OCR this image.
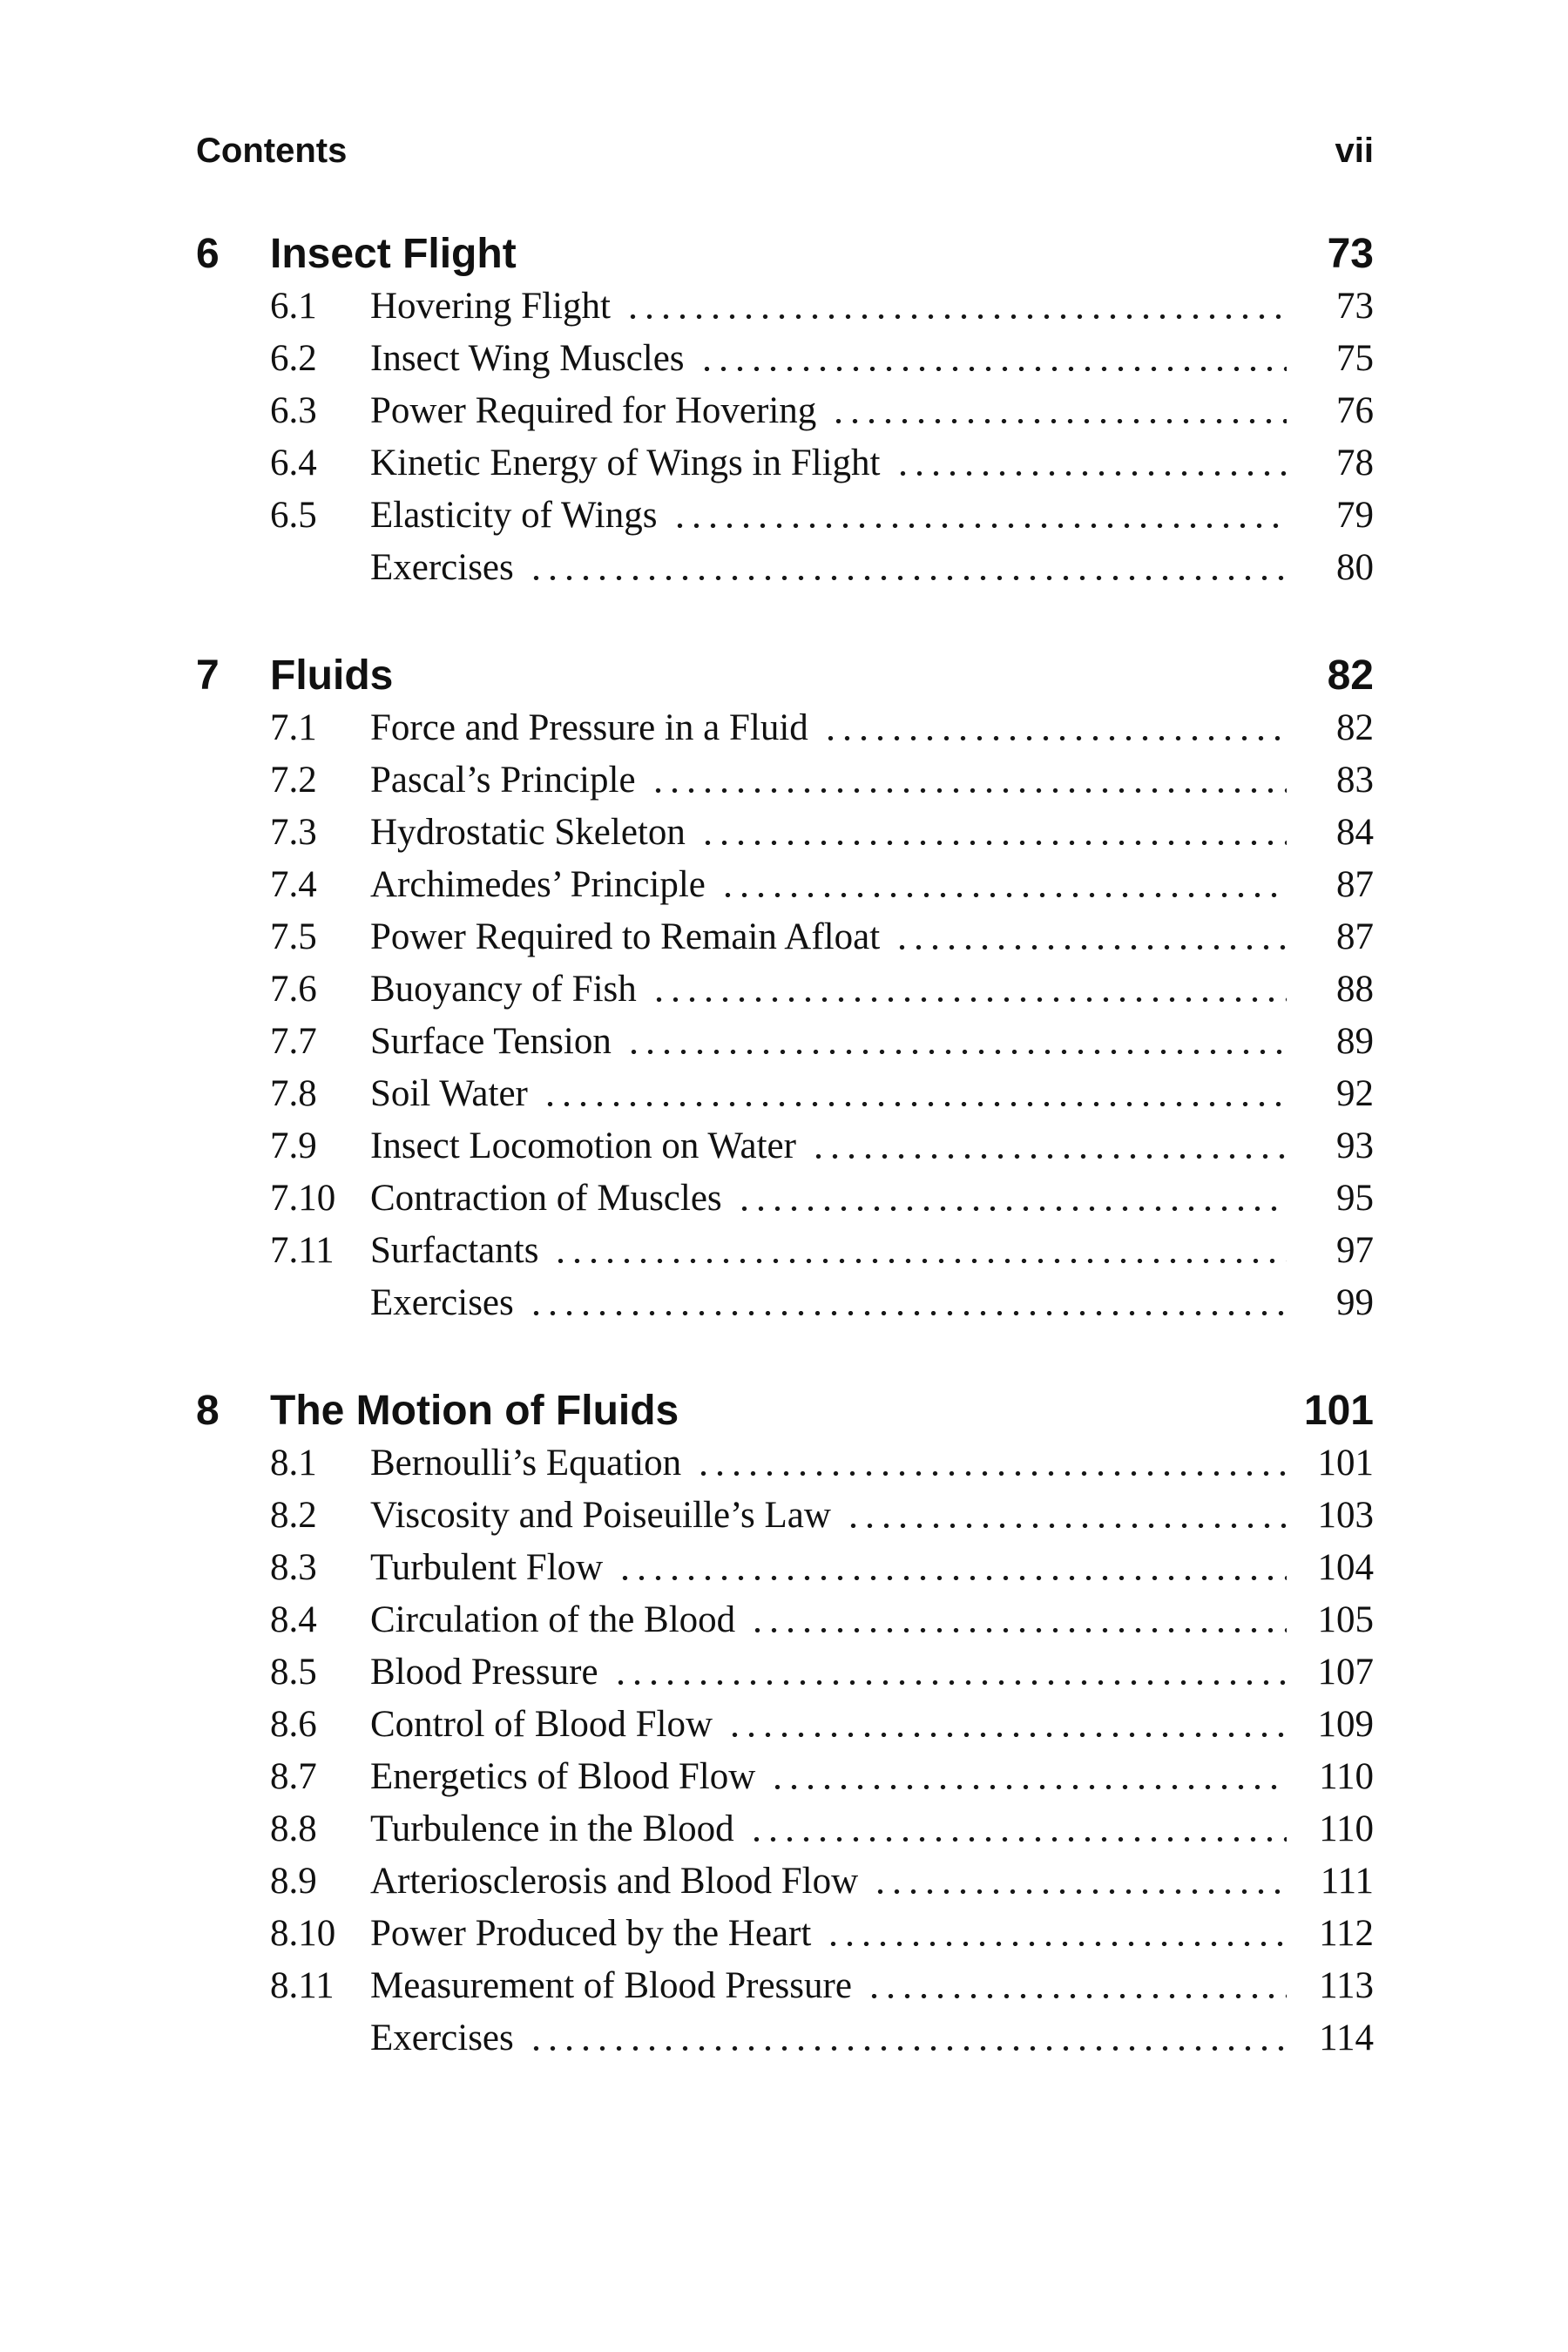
Contents	vii
6	Insect Flight	73
6.1	Hovering Flight	73
6.2	Insect Wing Muscles	75
6.3	Power Required for Hovering	76
6.4	Kinetic Energy of Wings in Flight	78
6.5	Elasticity of Wings	79
Exercises	80
7	Fluids	82
7.1	Force and Pressure in a Fluid	82
7.2	Pascal’s Principle	83
7.3	Hydrostatic Skeleton	84
7.4	Archimedes’ Principle	87
7.5	Power Required to Remain Afloat	87
7.6	Buoyancy of Fish	88
7.7	Surface Tension	89
7.8	Soil Water	92
7.9	Insect Locomotion on Water	93
7.10 Contraction of Muscles	95
7.11 Surfactants	97
Exercises	99
8	The Motion of Fluids	101
8.1	Bernoulli’s Equation	101
8.2	Viscosity and Poiseuille’s Law	103
8.3	Turbulent Flow	104
8.4	Circulation of the Blood	105
8.5	Blood Pressure	107
8.6	Control of Blood Flow	109
8.7	Energetics of Blood Flow	110
8.8	Turbulence in the Blood	110
8.9	Arteriosclerosis and Blood Flow	111
8.10 Power Produced by the Heart	112
8.11 Measurement of Blood Pressure	113
Exercises	114
